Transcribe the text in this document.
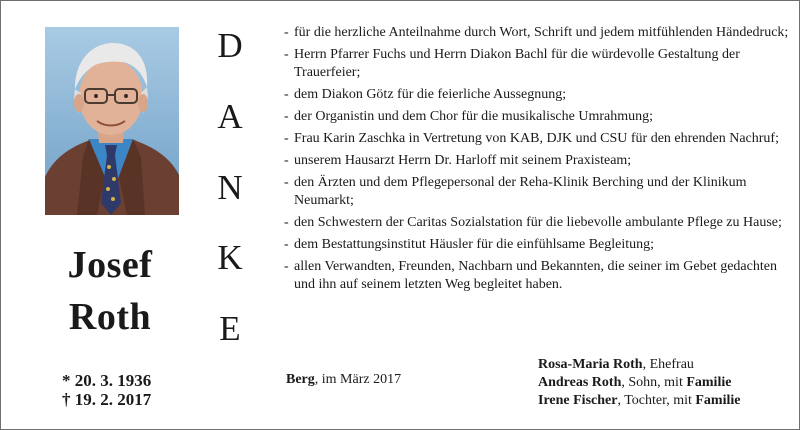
Josef
Roth
* 20. 3. 1936
† 19. 2. 2017
D
A
N
K
E
- für die herzliche Anteilnahme durch Wort, Schrift und jedem mitfühlenden Händedruck;
- Herrn Pfarrer Fuchs und Herrn Diakon Bachl für die würdevolle Gestaltung der Trauerfeier;
- dem Diakon Götz für die feierliche Aussegnung;
- der Organistin und dem Chor für die musikalische Umrahmung;
- Frau Karin Zaschka in Vertretung von KAB, DJK und CSU für den ehrenden Nachruf;
- unserem Hausarzt Herrn Dr. Harloff mit seinem Praxisteam;
- den Ärzten und dem Pflegepersonal der Reha-Klinik Berching und der Klinikum Neumarkt;
- den Schwestern der Caritas Sozialstation für die liebevolle ambulante Pflege zu Hause;
- dem Bestattungsinstitut Häusler für die einfühlsame Begleitung;
- allen Verwandten, Freunden, Nachbarn und Bekannten, die seiner im Gebet gedachten und ihn auf seinem letzten Weg begleitet haben.
Berg, im März 2017
Rosa-Maria Roth, Ehefrau
Andreas Roth, Sohn, mit Familie
Irene Fischer, Tochter, mit Familie
